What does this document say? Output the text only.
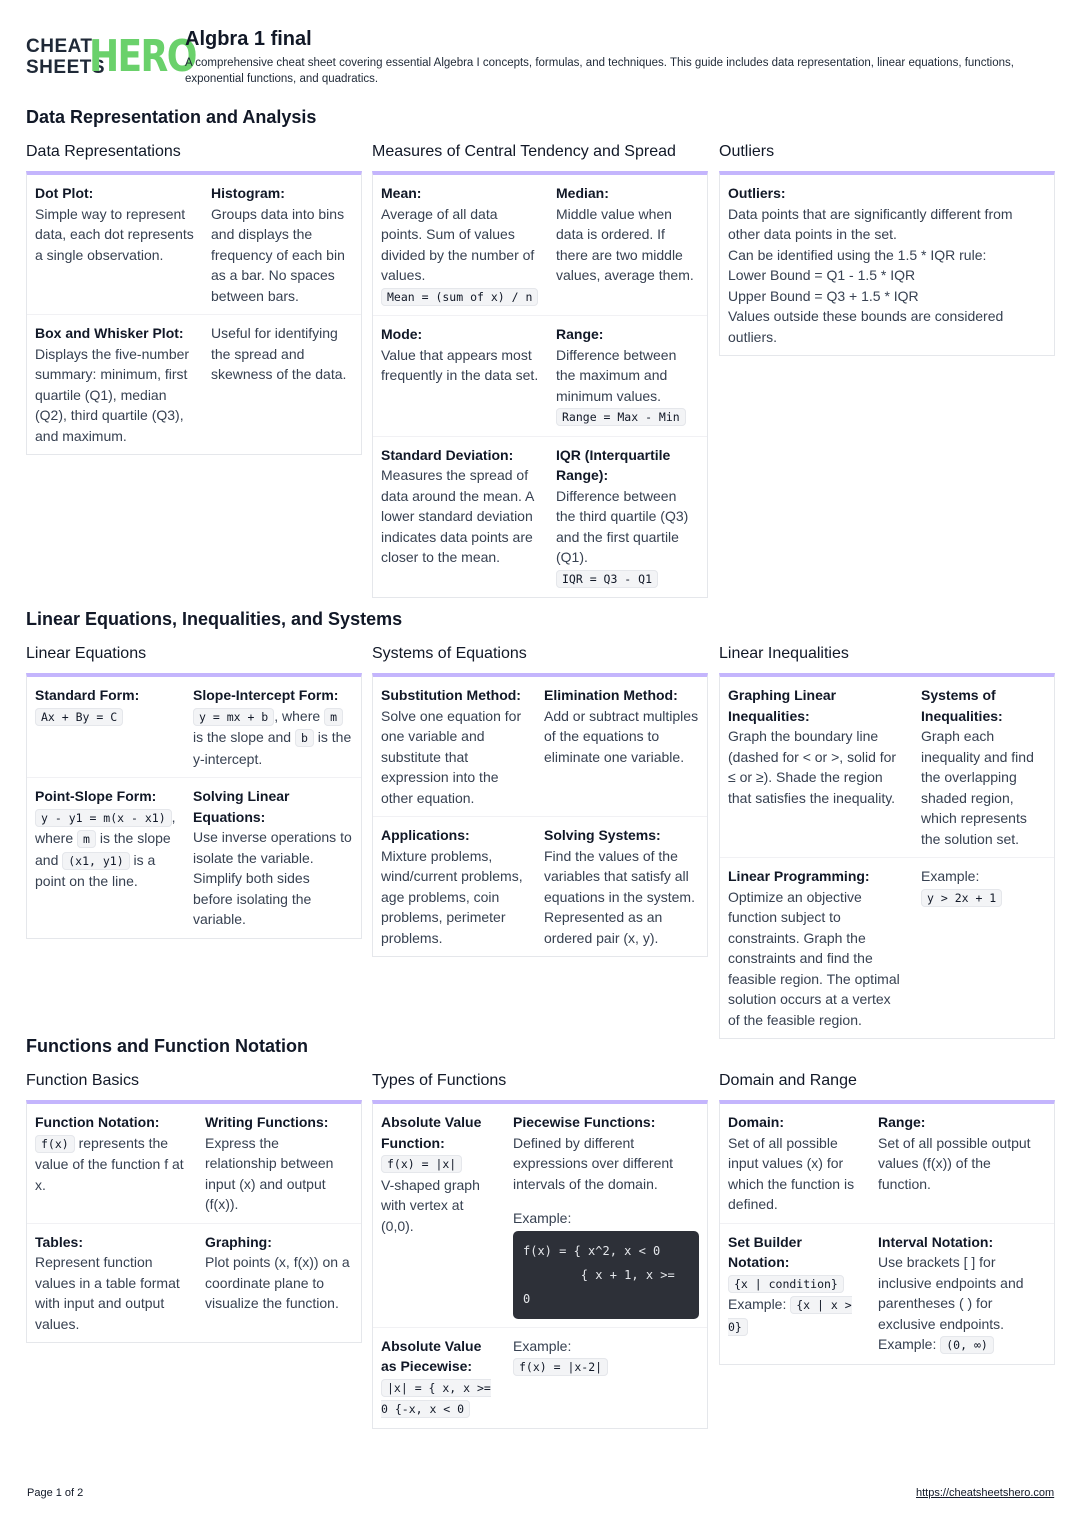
CHEAT
SHEETS
HERO
Algbra 1 final
A comprehensive cheat sheet covering essential Algebra I concepts, formulas, and techniques. This guide includes data representation, linear equations, functions, exponential functions, and quadratics.
Data Representation and Analysis
Data Representations
Dot Plot:
Simple way to represent data, each dot represents a single observation.
Histogram:
Groups data into bins and displays the frequency of each bin as a bar. No spaces between bars.
Box and Whisker Plot:
Displays the five-number summary: minimum, first quartile (Q1), median (Q2), third quartile (Q3), and maximum.
Useful for identifying the spread and skewness of the data.
Measures of Central Tendency and Spread
Mean:
Average of all data points. Sum of values divided by the number of values.
Mean = (sum of x) / n
Median:
Middle value when data is ordered. If there are two middle values, average them.
Mode:
Value that appears most frequently in the data set.
Range:
Difference between the maximum and minimum values.
Range = Max - Min
Standard Deviation:
Measures the spread of data around the mean. A lower standard deviation indicates data points are closer to the mean.
IQR (Interquartile Range):
Difference between the third quartile (Q3) and the first quartile (Q1).
IQR = Q3 - Q1
Outliers
Outliers:
Data points that are significantly different from other data points in the set.
Can be identified using the 1.5 * IQR rule:
Lower Bound = Q1 - 1.5 * IQR
Upper Bound = Q3 + 1.5 * IQR
Values outside these bounds are considered outliers.
Linear Equations, Inequalities, and Systems
Linear Equations
Standard Form:
Ax + By = C
Slope-Intercept Form:
y = mx + b , where m is the slope and b is the y-intercept.
Point-Slope Form:
y - y1 = m(x - x1) , where m is the slope and (x1, y1) is a point on the line.
Solving Linear Equations:
Use inverse operations to isolate the variable. Simplify both sides before isolating the variable.
Systems of Equations
Substitution Method:
Solve one equation for one variable and substitute that expression into the other equation.
Elimination Method:
Add or subtract multiples of the equations to eliminate one variable.
Applications:
Mixture problems, wind/current problems, age problems, coin problems, perimeter problems.
Solving Systems:
Find the values of the variables that satisfy all equations in the system. Represented as an ordered pair (x, y).
Linear Inequalities
Graphing Linear Inequalities:
Graph the boundary line (dashed for < or >, solid for ≤ or ≥). Shade the region that satisfies the inequality.
Systems of Inequalities:
Graph each inequality and find the overlapping shaded region, which represents the solution set.
Linear Programming:
Optimize an objective function subject to constraints. Graph the constraints and find the feasible region. The optimal solution occurs at a vertex of the feasible region.
Example:
y > 2x + 1
Functions and Function Notation
Function Basics
Function Notation:
f(x) represents the value of the function f at x.
Writing Functions:
Express the relationship between input (x) and output (f(x)).
Tables:
Represent function values in a table format with input and output values.
Graphing:
Plot points (x, f(x)) on a coordinate plane to visualize the function.
Types of Functions
Absolute Value Function:
f(x) = |x|
V-shaped graph with vertex at (0,0).
Piecewise Functions:
Defined by different expressions over different intervals of the domain.
Example:
f(x) = { x^2, x < 0
{ x + 1, x >=
0
Absolute Value as Piecewise:
|x| = { x, x >= 0 {-x, x < 0
Example:
f(x) = |x-2|
Domain and Range
Domain:
Set of all possible input values (x) for which the function is defined.
Range:
Set of all possible output values (f(x)) of the function.
Set Builder Notation:
{x | condition}
Example: {x | x > 0}
Interval Notation:
Use brackets [ ] for inclusive endpoints and parentheses ( ) for exclusive endpoints.
Example: (0, ∞)
Page 1 of 2	https://cheatsheetshero.com
